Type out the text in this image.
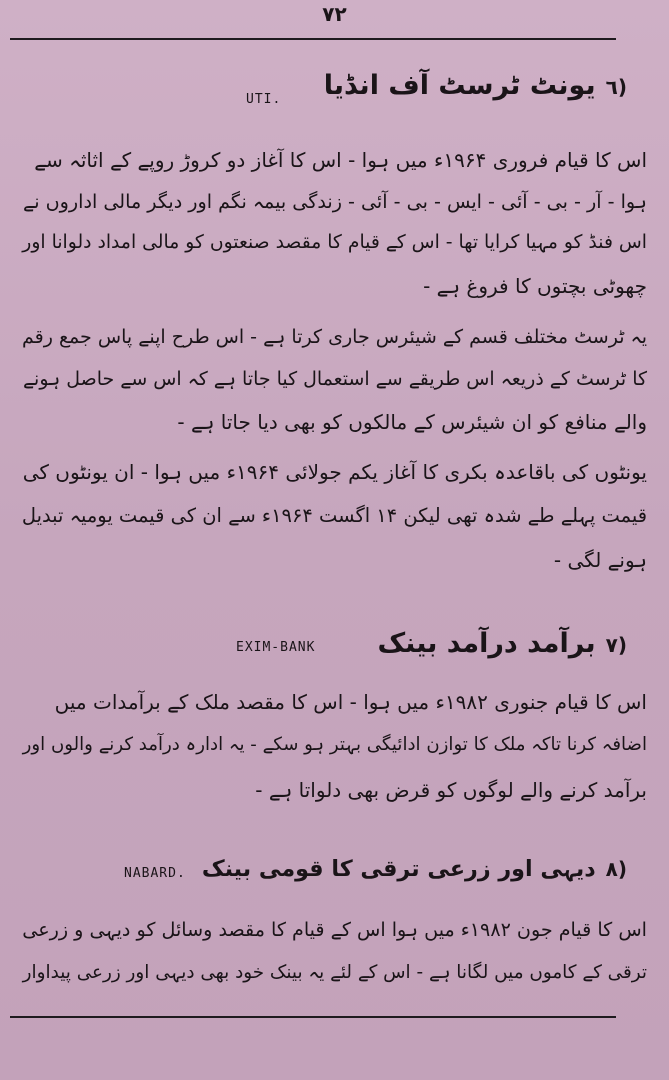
۷۲
(٦یونٹ ٹرسٹ آف انڈیا
UTI.
اس کا قیام فروری ۱۹۶۴ء میں ہوا - اس کا آغاز دو کروڑ روپے کے اثاثہ سے
ہوا - آر - بی - آئی - ایس - بی - آئی - زندگی بیمہ نگم اور دیگر مالی اداروں نے
اس فنڈ کو مہیا کرایا تھا - اس کے قیام کا مقصد صنعتوں کو مالی امداد دلوانا اور
چھوٹی بچتوں کا فروغ ہے -
یہ ٹرسٹ مختلف قسم کے شیئرس جاری کرتا ہے - اس طرح اپنے پاس جمع رقم
کا ٹرسٹ کے ذریعہ اس طریقے سے استعمال کیا جاتا ہے کہ اس سے حاصل ہونے
والے منافع کو ان شیئرس کے مالکوں کو بھی دیا جاتا ہے -
یونٹوں کی باقاعدہ بکری کا آغاز یکم جولائی ۱۹۶۴ء میں ہوا - ان یونٹوں کی
قیمت پہلے طے شدہ تھی لیکن ۱۴ اگست ۱۹۶۴ء سے ان کی قیمت یومیہ تبدیل
ہونے لگی -
(٧برآمد درآمد بینک
EXIM-BANK
اس کا قیام جنوری ۱۹۸۲ء میں ہوا - اس کا مقصد ملک کے برآمدات میں
اضافہ کرنا تاکہ ملک کا توازن ادائیگی بہتر ہو سکے - یہ ادارہ درآمد کرنے والوں اور
برآمد کرنے والے لوگوں کو قرض بھی دلواتا ہے -
(٨دیہی اور زرعی ترقی کا قومی بینک
NABARD.
اس کا قیام جون ۱۹۸۲ء میں ہوا اس کے قیام کا مقصد وسائل کو دیہی و زرعی
ترقی کے کاموں میں لگانا ہے - اس کے لئے یہ بینک خود بھی دیہی اور زرعی پیداوار
